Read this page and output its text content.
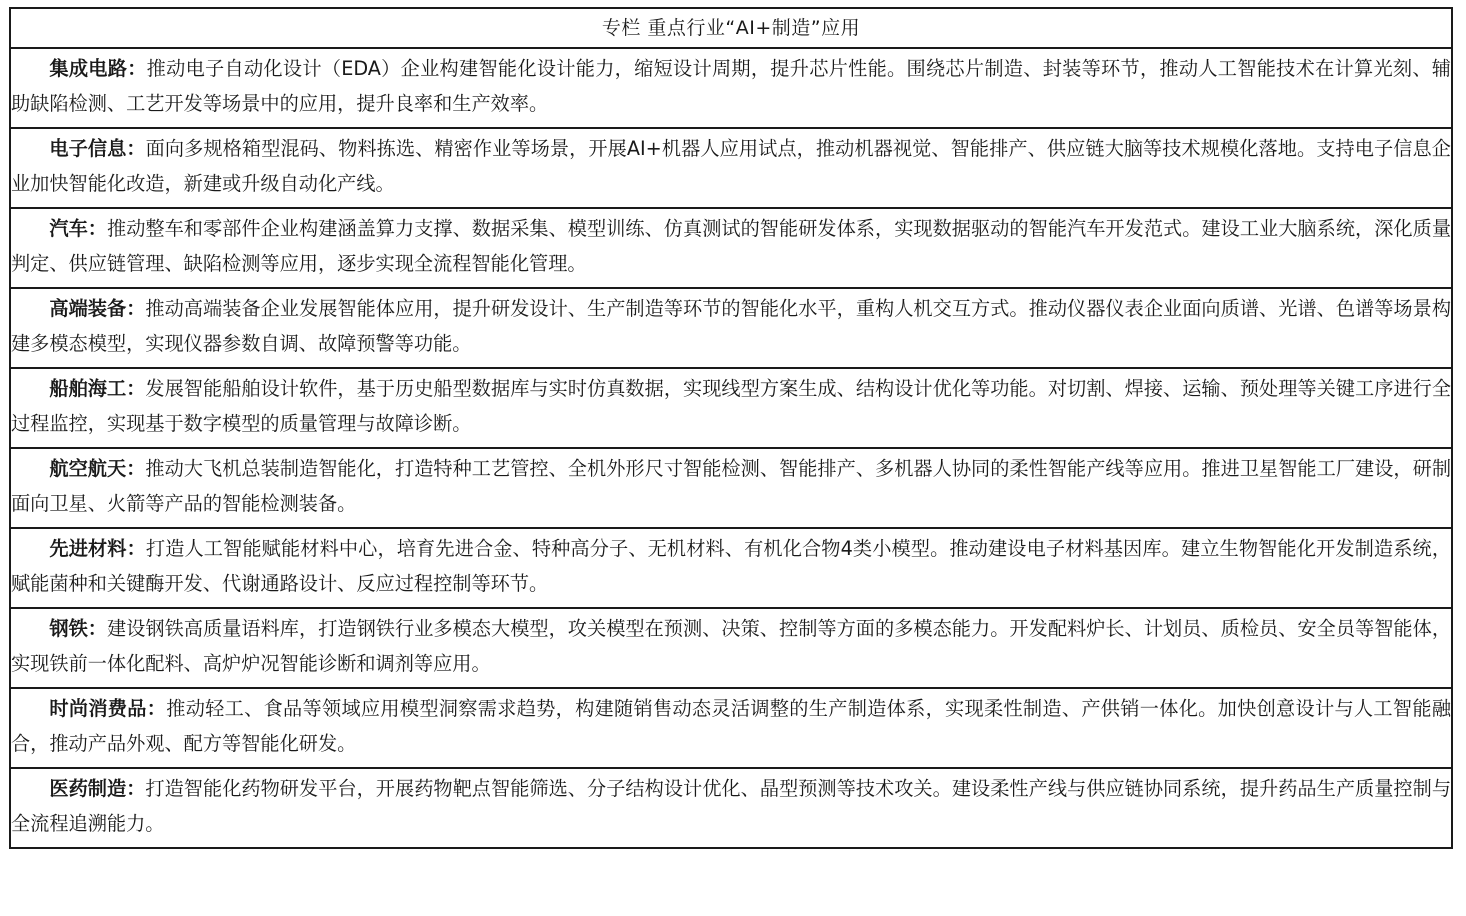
专栏 重点行业“AI+制造”应用

集成电路：推动电子自动化设计（EDA）企业构建智能化设计能力，缩短设计周期，提升芯片性能。围绕芯片制造、封装等环节，推动人工智能技术在计算光刻、辅助缺陷检测、工艺开发等场景中的应用，提升良率和生产效率。

电子信息：面向多规格箱型混码、物料拣选、精密作业等场景，开展AI+机器人应用试点，推动机器视觉、智能排产、供应链大脑等技术规模化落地。支持电子信息企业加快智能化改造，新建或升级自动化产线。

汽车：推动整车和零部件企业构建涵盖算力支撑、数据采集、模型训练、仿真测试的智能研发体系，实现数据驱动的智能汽车开发范式。建设工业大脑系统，深化质量判定、供应链管理、缺陷检测等应用，逐步实现全流程智能化管理。

高端装备：推动高端装备企业发展智能体应用，提升研发设计、生产制造等环节的智能化水平，重构人机交互方式。推动仪器仪表企业面向质谱、光谱、色谱等场景构建多模态模型，实现仪器参数自调、故障预警等功能。

船舶海工：发展智能船舶设计软件，基于历史船型数据库与实时仿真数据，实现线型方案生成、结构设计优化等功能。对切割、焊接、运输、预处理等关键工序进行全过程监控，实现基于数字模型的质量管理与故障诊断。

航空航天：推动大飞机总装制造智能化，打造特种工艺管控、全机外形尺寸智能检测、智能排产、多机器人协同的柔性智能产线等应用。推进卫星智能工厂建设，研制面向卫星、火箭等产品的智能检测装备。

先进材料：打造人工智能赋能材料中心，培育先进合金、特种高分子、无机材料、有机化合物4类小模型。推动建设电子材料基因库。建立生物智能化开发制造系统，赋能菌种和关键酶开发、代谢通路设计、反应过程控制等环节。

钢铁：建设钢铁高质量语料库，打造钢铁行业多模态大模型，攻关模型在预测、决策、控制等方面的多模态能力。开发配料炉长、计划员、质检员、安全员等智能体，实现铁前一体化配料、高炉炉况智能诊断和调剂等应用。

时尚消费品：推动轻工、食品等领域应用模型洞察需求趋势，构建随销售动态灵活调整的生产制造体系，实现柔性制造、产供销一体化。加快创意设计与人工智能融合，推动产品外观、配方等智能化研发。

医药制造：打造智能化药物研发平台，开展药物靶点智能筛选、分子结构设计优化、晶型预测等技术攻关。建设柔性产线与供应链协同系统，提升药品生产质量控制与全流程追溯能力。
